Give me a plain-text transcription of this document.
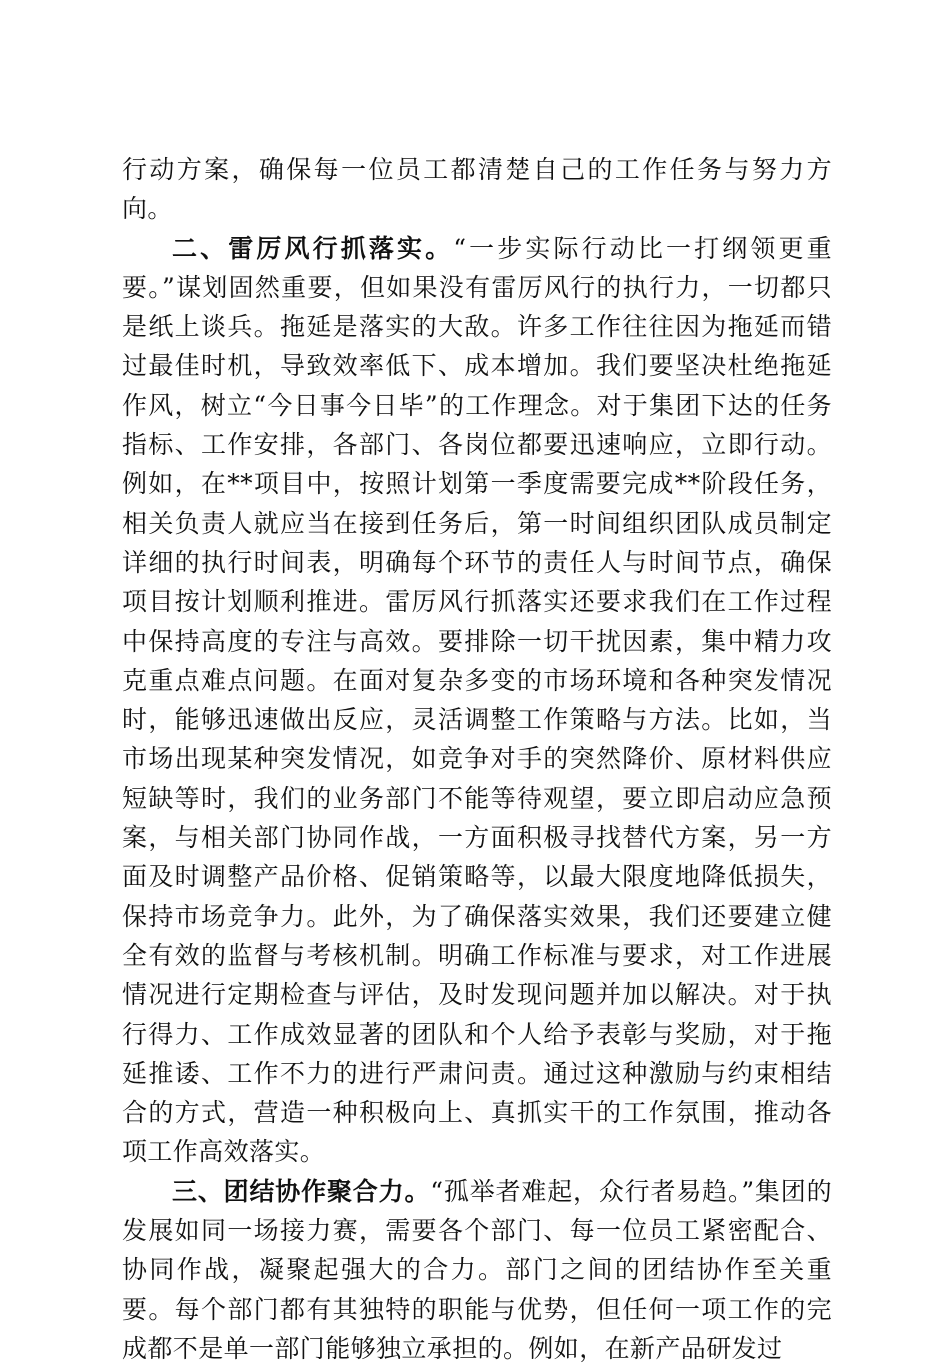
行动方案，确保每一位员工都清楚自己的工作任务与努力方向。

二、雷厉风行抓落实。“一步实际行动比一打纲领更重要。”谋划固然重要，但如果没有雷厉风行的执行力，一切都只是纸上谈兵。拖延是落实的大敌。许多工作往往因为拖延而错过最佳时机，导致效率低下、成本增加。我们要坚决杜绝拖延作风，树立“今日事今日毕”的工作理念。对于集团下达的任务指标、工作安排，各部门、各岗位都要迅速响应，立即行动。例如，在**项目中，按照计划第一季度需要完成**阶段任务，相关负责人就应当在接到任务后，第一时间组织团队成员制定详细的执行时间表，明确每个环节的责任人与时间节点，确保项目按计划顺利推进。雷厉风行抓落实还要求我们在工作过程中保持高度的专注与高效。要排除一切干扰因素，集中精力攻克重点难点问题。在面对复杂多变的市场环境和各种突发情况时，能够迅速做出反应，灵活调整工作策略与方法。比如，当市场出现某种突发情况，如竞争对手的突然降价、原材料供应短缺等时，我们的业务部门不能等待观望，要立即启动应急预案，与相关部门协同作战，一方面积极寻找替代方案，另一方面及时调整产品价格、促销策略等，以最大限度地降低损失，保持市场竞争力。此外，为了确保落实效果，我们还要建立健全有效的监督与考核机制。明确工作标准与要求，对工作进展情况进行定期检查与评估，及时发现问题并加以解决。对于执行得力、工作成效显著的团队和个人给予表彰与奖励，对于拖延推诿、工作不力的进行严肃问责。通过这种激励与约束相结合的方式，营造一种积极向上、真抓实干的工作氛围，推动各项工作高效落实。

三、团结协作聚合力。“孤举者难起，众行者易趋。”集团的发展如同一场接力赛，需要各个部门、每一位员工紧密配合、协同作战，凝聚起强大的合力。部门之间的团结协作至关重要。每个部门都有其独特的职能与优势，但任何一项工作的完成都不是单一部门能够独立承担的。例如，在新产品研发过
